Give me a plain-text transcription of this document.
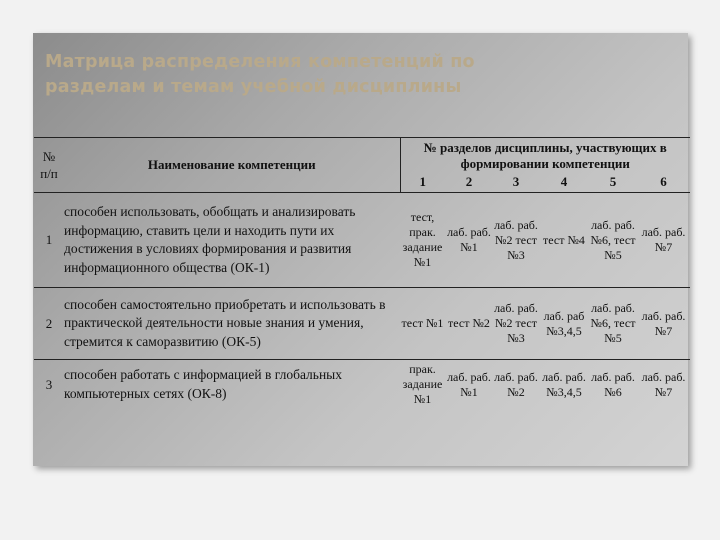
Матрица распределения компетенций по
разделам и темам учебной дисциплины
№
п/п	Наименование компетенции	№ разделов дисциплины, участвующих в формировании компетенции					
		1	2	3	4	5	6
1	способен использовать, обобщать и анализировать информацию, ставить цели и находить пути их достижения в условиях формирования и развития информационного общества (ОК-1)	тест, прак. задание №1	лаб. раб. №1	лаб. раб. №2 тест №3	тест №4	лаб. раб. №6, тест №5	лаб. раб. №7
2	способен самостоятельно приобретать и использовать в практической деятельности новые знания и умения, стремится к саморазвитию (ОК-5)	тест №1	тест №2	лаб. раб. №2 тест №3	лаб. раб №3,4,5	лаб. раб. №6, тест №5	лаб. раб. №7
3	способен работать с информацией в глобальных компьютерных сетях (ОК-8)	прак. задание №1	лаб. раб. №1	лаб. раб. №2	лаб. раб. №3,4,5	лаб. раб. №6	лаб. раб. №7
